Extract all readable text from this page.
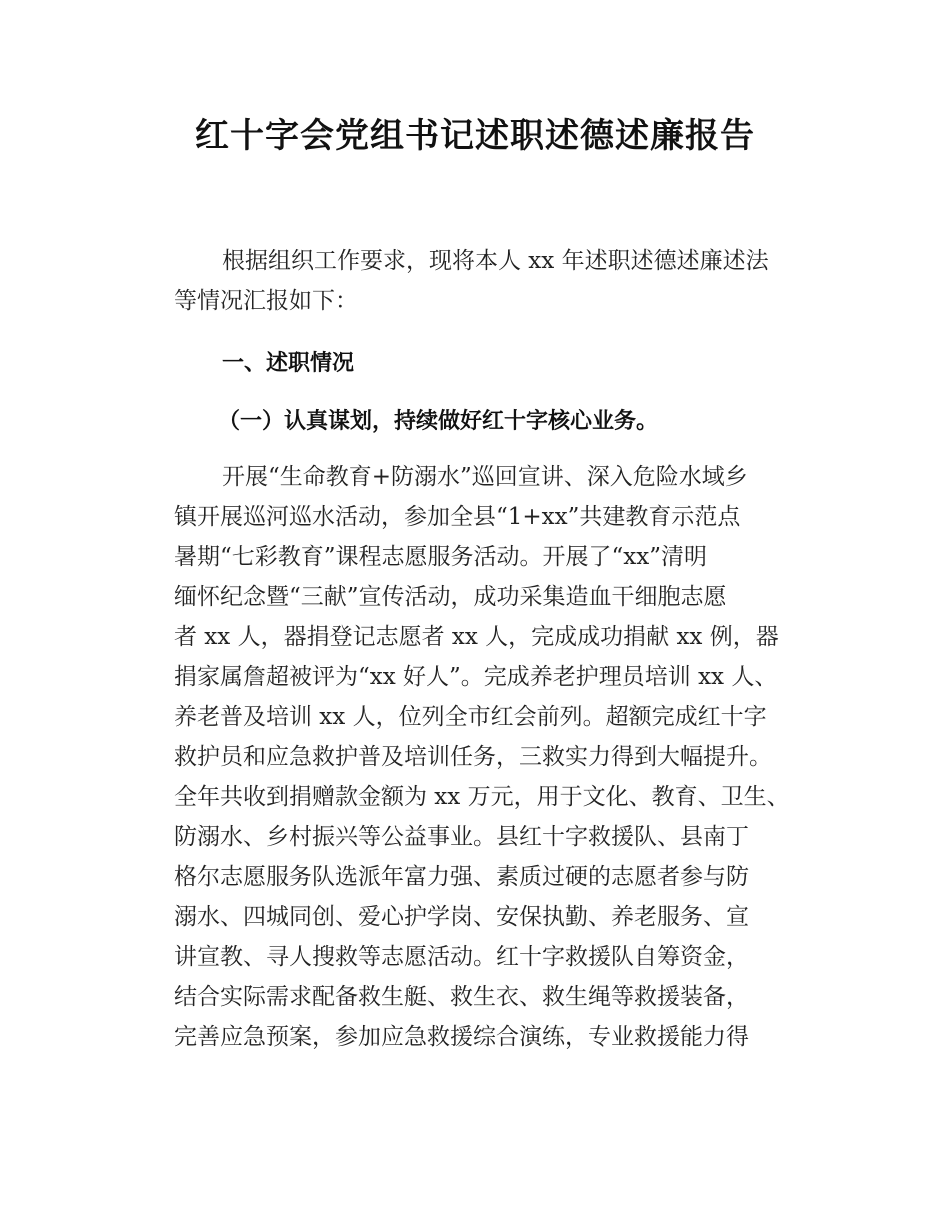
红十字会党组书记述职述德述廉报告
根据组织工作要求，现将本人 xx 年述职述德述廉述法
等情况汇报如下：
一、述职情况
（一）认真谋划，持续做好红十字核心业务。
开展“生命教育+防溺水”巡回宣讲、深入危险水域乡
镇开展巡河巡水活动，参加全县“1+xx”共建教育示范点
暑期“七彩教育”课程志愿服务活动。开展了“xx”清明
缅怀纪念暨“三献”宣传活动，成功采集造血干细胞志愿
者 xx 人，器捐登记志愿者 xx 人，完成成功捐献 xx 例，器
捐家属詹超被评为“xx 好人”。完成养老护理员培训 xx 人、
养老普及培训 xx 人，位列全市红会前列。超额完成红十字
救护员和应急救护普及培训任务，三救实力得到大幅提升。
全年共收到捐赠款金额为 xx 万元，用于文化、教育、卫生、
防溺水、乡村振兴等公益事业。县红十字救援队、县南丁
格尔志愿服务队选派年富力强、素质过硬的志愿者参与防
溺水、四城同创、爱心护学岗、安保执勤、养老服务、宣
讲宣教、寻人搜救等志愿活动。红十字救援队自筹资金，
结合实际需求配备救生艇、救生衣、救生绳等救援装备，
完善应急预案，参加应急救援综合演练，专业救援能力得
